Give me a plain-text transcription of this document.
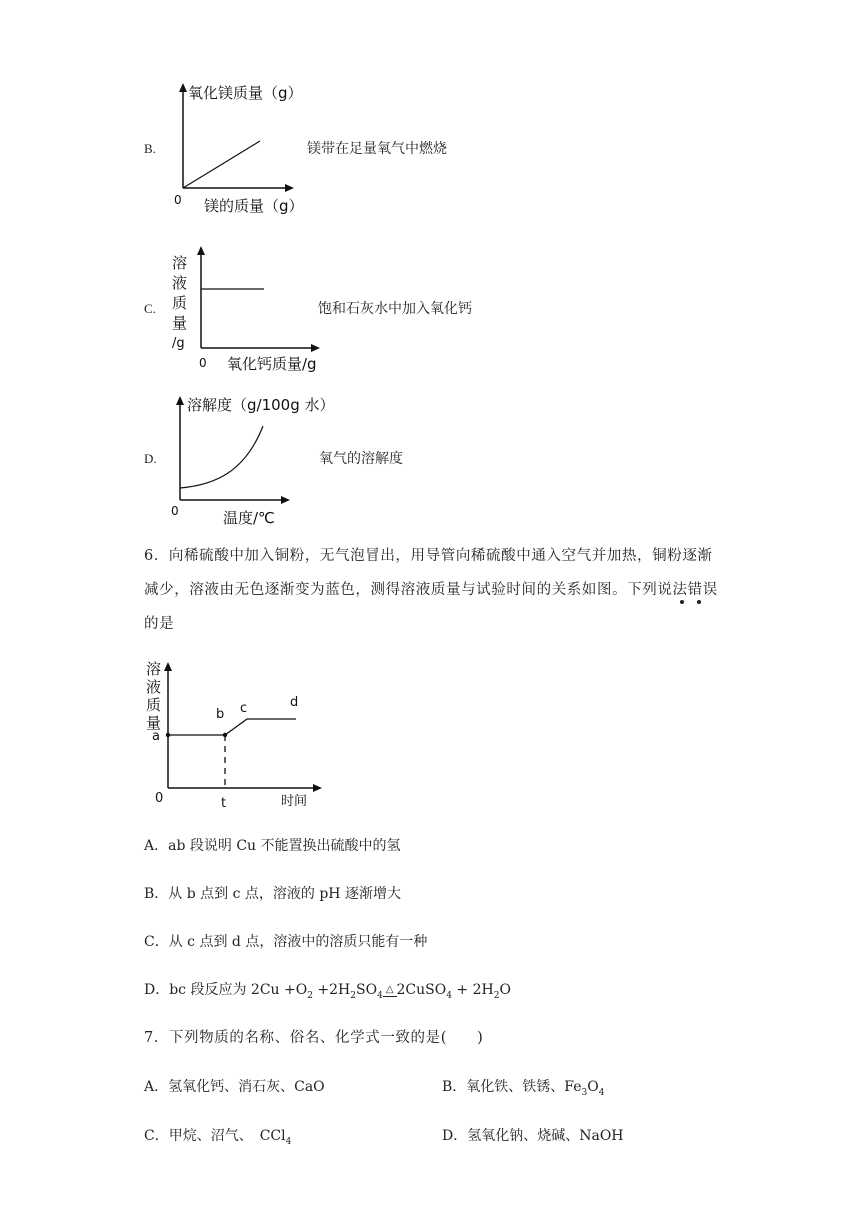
B.
氧化镁质量（g）
0 镁的质量（g）
镁带在足量氧气中燃烧
C.
溶
液
质
量
/g
0 氧化钙质量/g
饱和石灰水中加入氧化钙
D.
溶解度（g/100g 水）
0	温度/℃
氧气的溶解度
6．向稀硫酸中加入铜粉，无气泡冒出，用导管向稀硫酸中通入空气并加热，铜粉逐渐
减少，溶液由无色逐渐变为蓝色，测得溶液质量与试验时间的关系如图。下列说法错误
的是
溶
液
质
量
a
b c	d
0	t	时间
A．ab 段说明 Cu 不能置换出硫酸中的氢
B．从 b 点到 c 点，溶液的 pH 逐渐增大
C．从 c 点到 d 点，溶液中的溶质只能有一种
D．bc 段反应为 $2Cu +O_2$ $+2H_2SO_4\triangle$ 2CuSO$_4$ + $2H_2O$
7．下列物质的名称、俗名、化学式一致的是(　　)
A．氢氧化钙、消石灰、CaO	B．氧化铁、铁锈、$Fe_3O_4$
C．甲烷、沼气、　CCl$_4$	D．氢氧化钠、烧碱、NaOH
